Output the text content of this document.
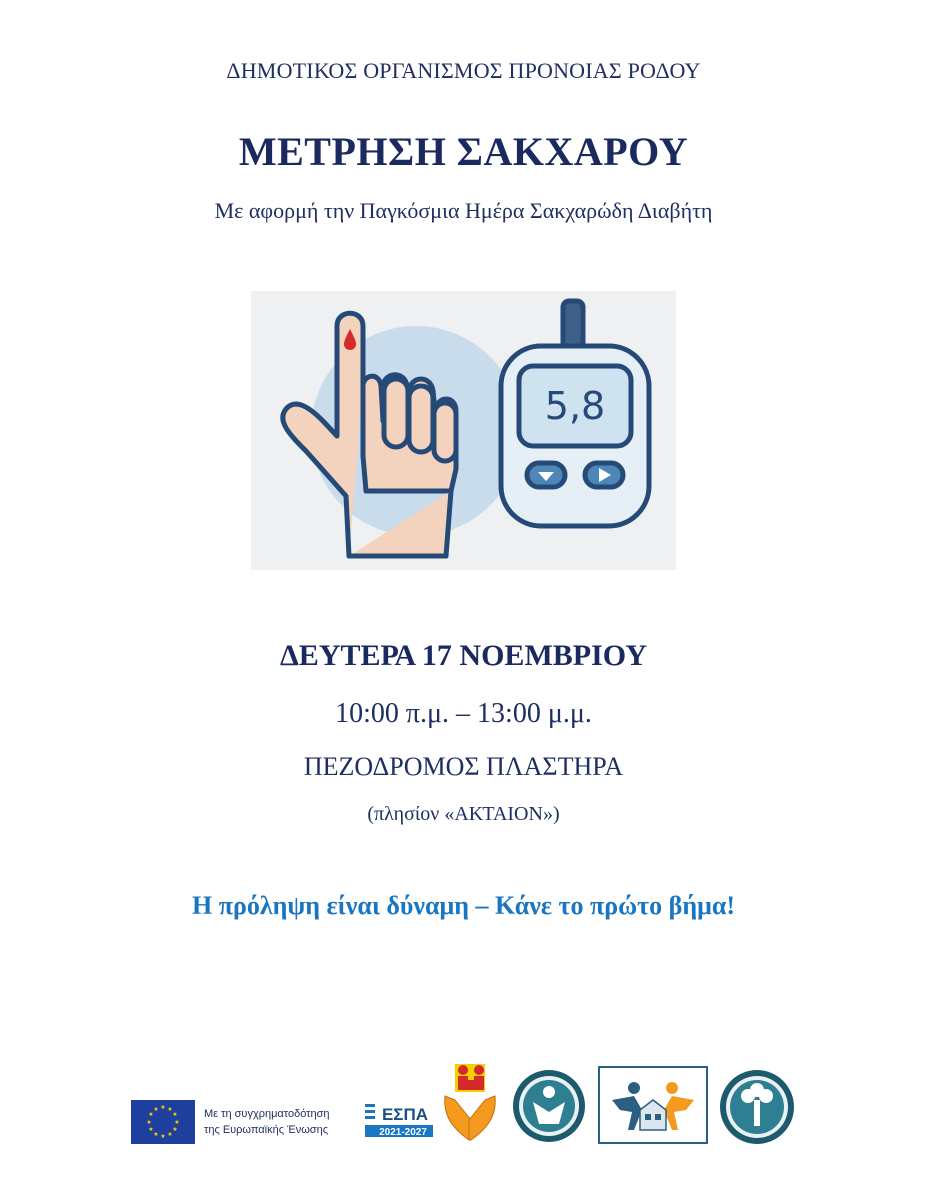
ΔΗΜΟΤΙΚΟΣ ΟΡΓΑΝΙΣΜΟΣ ΠΡΟΝΟΙΑΣ ΡΟΔΟΥ
ΜΕΤΡΗΣΗ ΣΑΚΧΑΡΟΥ
Με αφορμή την Παγκόσμια Ημέρα Σακχαρώδη Διαβήτη
5,8
ΔΕΥΤΕΡΑ 17 ΝΟΕΜΒΡΙΟΥ
10:00 π.μ. – 13:00 μ.μ.
ΠΕΖΟΔΡΟΜΟΣ ΠΛΑΣΤΗΡΑ
(πλησίον «ΑΚΤΑΙΟΝ»)
Η πρόληψη είναι δύναμη – Κάνε το πρώτο βήμα!
★ ★
★
★
★
★
★
★
★
★
★
★	Με τη συγχρηματοδότηση
της Ευρωπαϊκής Ένωσης
ΕΣΠΑ
2021-2027
